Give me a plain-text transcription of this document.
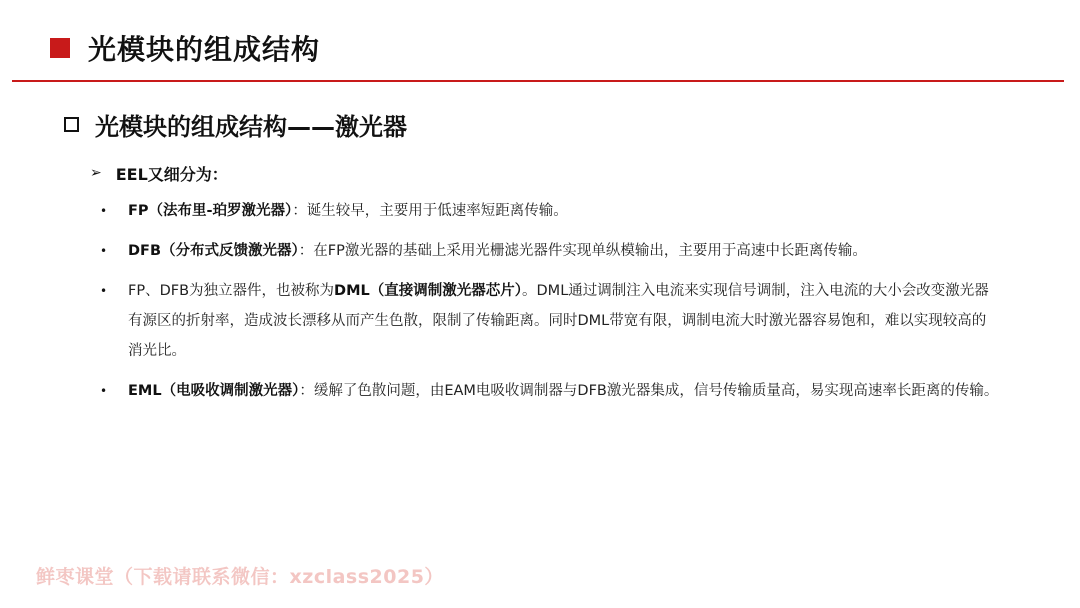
光模块的组成结构
光模块的组成结构——激光器
➢ EEL又细分为：
•	FP（法布里-珀罗激光器）：诞生较早，主要用于低速率短距离传输。
•	DFB（分布式反馈激光器）：在FP激光器的基础上采用光栅滤光器件实现单纵模输出，主要用于高速中长距离传输。
•	FP、DFB为独立器件，也被称为DML（直接调制激光器芯片）。DML通过调制注入电流来实现信号调制，注入电流的大小会改变激光器有源区的折射率，造成波长漂移从而产生色散，限制了传输距离。同时DML带宽有限，调制电流大时激光器容易饱和，难以实现较高的消光比。
•	EML（电吸收调制激光器）：缓解了色散问题，由EAM电吸收调制器与DFB激光器集成，信号传输质量高，易实现高速率长距离的传输。
鲜枣课堂（下载请联系微信：xzclass2025）
